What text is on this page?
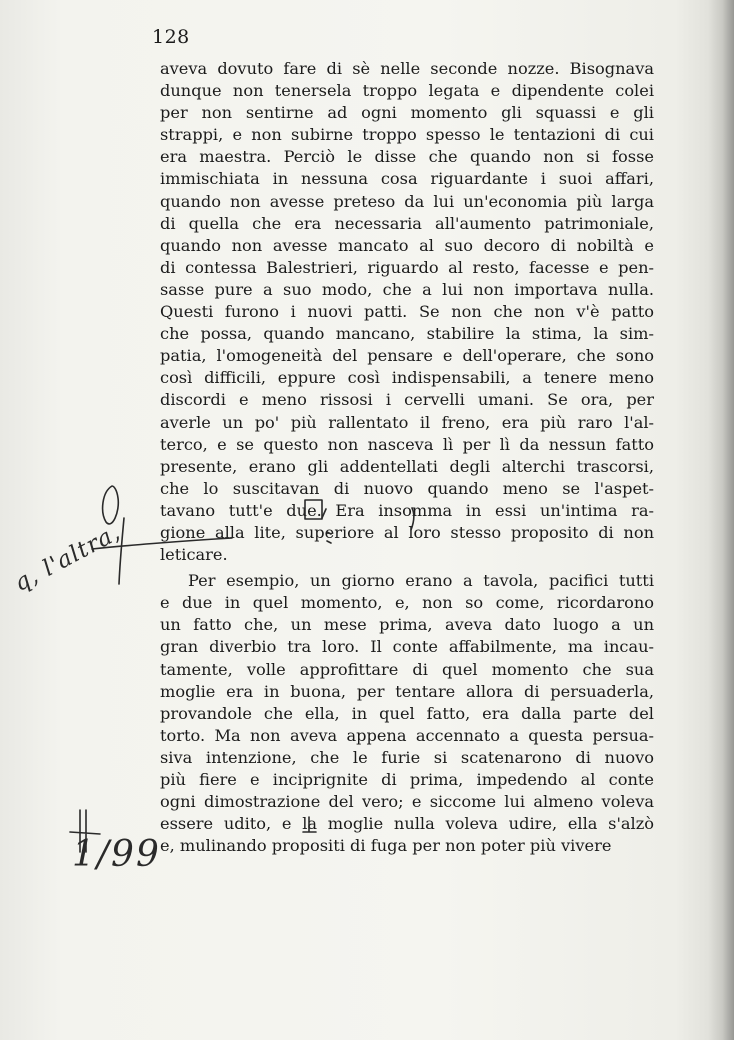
128
aveva dovuto fare di sè nelle seconde nozze. Bisognava
dunque non tenersela troppo legata e dipendente colei
per non sentirne ad ogni momento gli squassi e gli
strappi, e non subirne troppo spesso le tentazioni di cui
era maestra. Perciò le disse che quando non si fosse
immischiata in nessuna cosa riguardante i suoi affari,
quando non avesse preteso da lui un'economia più larga
di quella che era necessaria all'aumento patrimoniale,
quando non avesse mancato al suo decoro di nobiltà e
di contessa Balestrieri, riguardo al resto, facesse e pen-
sasse pure a suo modo, che a lui non importava nulla.
Questi furono i nuovi patti. Se non che non v'è patto
che possa, quando mancano, stabilire la stima, la sim-
patia, l'omogeneità del pensare e dell'operare, che sono
così difficili, eppure così indispensabili, a tenere meno
discordi e meno rissosi i cervelli umani. Se ora, per
averle un po' più rallentato il freno, era più raro l'al-
terco, e se questo non nasceva lì per lì da nessun fatto
presente, erano gli addentellati degli alterchi trascorsi,
che lo suscitavan di nuovo quando meno se l'aspet-
tavano tutt'e due. Era insomma in essi un'intima ra-
gione alla lite, superiore al loro stesso proposito di non
leticare.
Per esempio, un giorno erano a tavola, pacifici tutti
e due in quel momento, e, non so come, ricordarono
un fatto che, un mese prima, aveva dato luogo a un
gran diverbio tra loro. Il conte affabilmente, ma incau-
tamente, volle approfittare di quel momento che sua
moglie era in buona, per tentare allora di persuaderla,
provandole che ella, in quel fatto, era dalla parte del
torto. Ma non aveva appena accennato a questa persua-
siva intenzione, che le furie si scatenarono di nuovo
più fiere e inciprignite di prima, impedendo al conte
ogni dimostrazione del vero; e siccome lui almeno voleva
essere udito, e la moglie nulla voleva udire, ella s'alzò
e, mulinando propositi di fuga per non poter più vivere
q, l'altra,
1/99
